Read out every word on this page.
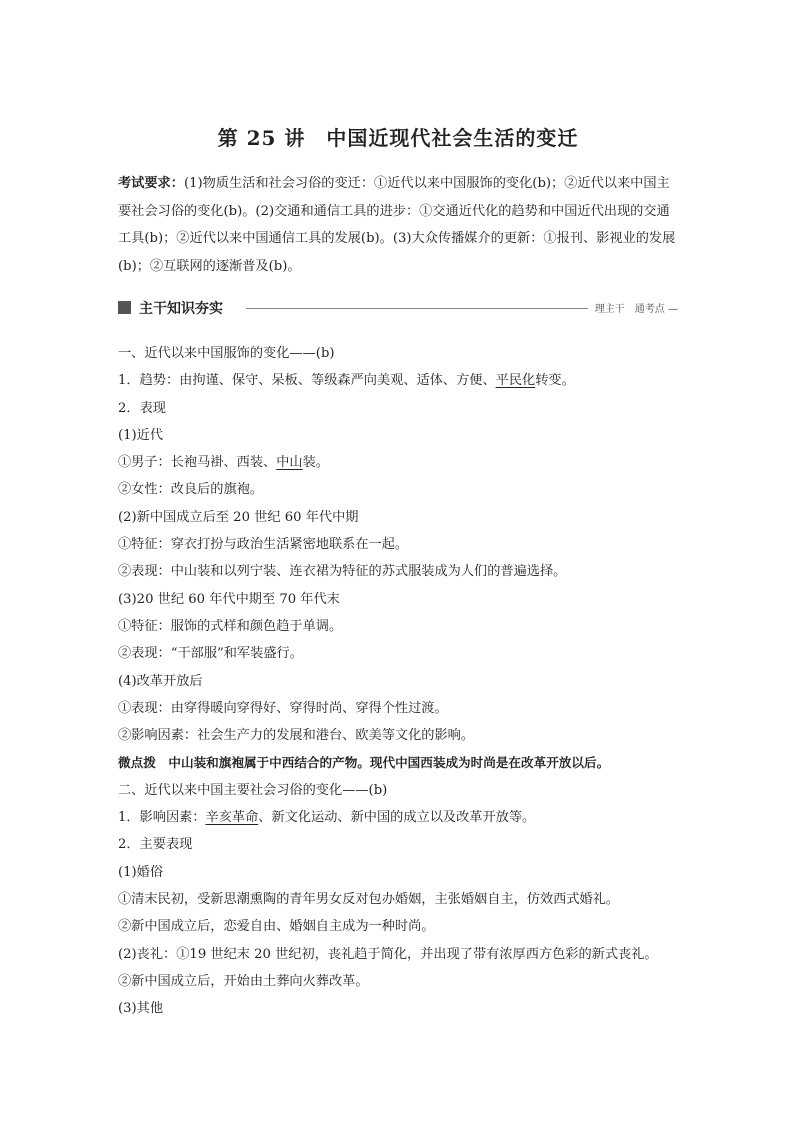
第 25 讲　中国近现代社会生活的变迁

考试要求：(1)物质生活和社会习俗的变迁：①近代以来中国服饰的变化(b)；②近代以来中国主要社会习俗的变化(b)。(2)交通和通信工具的进步：①交通近代化的趋势和中国近代出现的交通工具(b)；②近代以来中国通信工具的发展(b)。(3)大众传播媒介的更新：①报刊、影视业的发展(b)；②互联网的逐渐普及(b)。

主干知识夯实	理主干　通考点 —
一、近代以来中国服饰的变化——(b)
1．趋势：由拘谨、保守、呆板、等级森严向美观、适体、方便、平民化转变。
2．表现
(1)近代
①男子：长袍马褂、西装、中山装。
②女性：改良后的旗袍。
(2)新中国成立后至 20 世纪 60 年代中期
①特征：穿衣打扮与政治生活紧密地联系在一起。
②表现：中山装和以列宁装、连衣裙为特征的苏式服装成为人们的普遍选择。
(3)20 世纪 60 年代中期至 70 年代末
①特征：服饰的式样和颜色趋于单调。
②表现：“干部服”和军装盛行。
(4)改革开放后
①表现：由穿得暖向穿得好、穿得时尚、穿得个性过渡。
②影响因素：社会生产力的发展和港台、欧美等文化的影响。
微点拨　中山装和旗袍属于中西结合的产物。现代中国西装成为时尚是在改革开放以后。
二、近代以来中国主要社会习俗的变化——(b)
1．影响因素：辛亥革命、新文化运动、新中国的成立以及改革开放等。
2．主要表现
(1)婚俗
①清末民初，受新思潮熏陶的青年男女反对包办婚姻，主张婚姻自主，仿效西式婚礼。
②新中国成立后，恋爱自由、婚姻自主成为一种时尚。
(2)丧礼：①19 世纪末 20 世纪初，丧礼趋于简化，并出现了带有浓厚西方色彩的新式丧礼。
②新中国成立后，开始由土葬向火葬改革。
(3)其他
